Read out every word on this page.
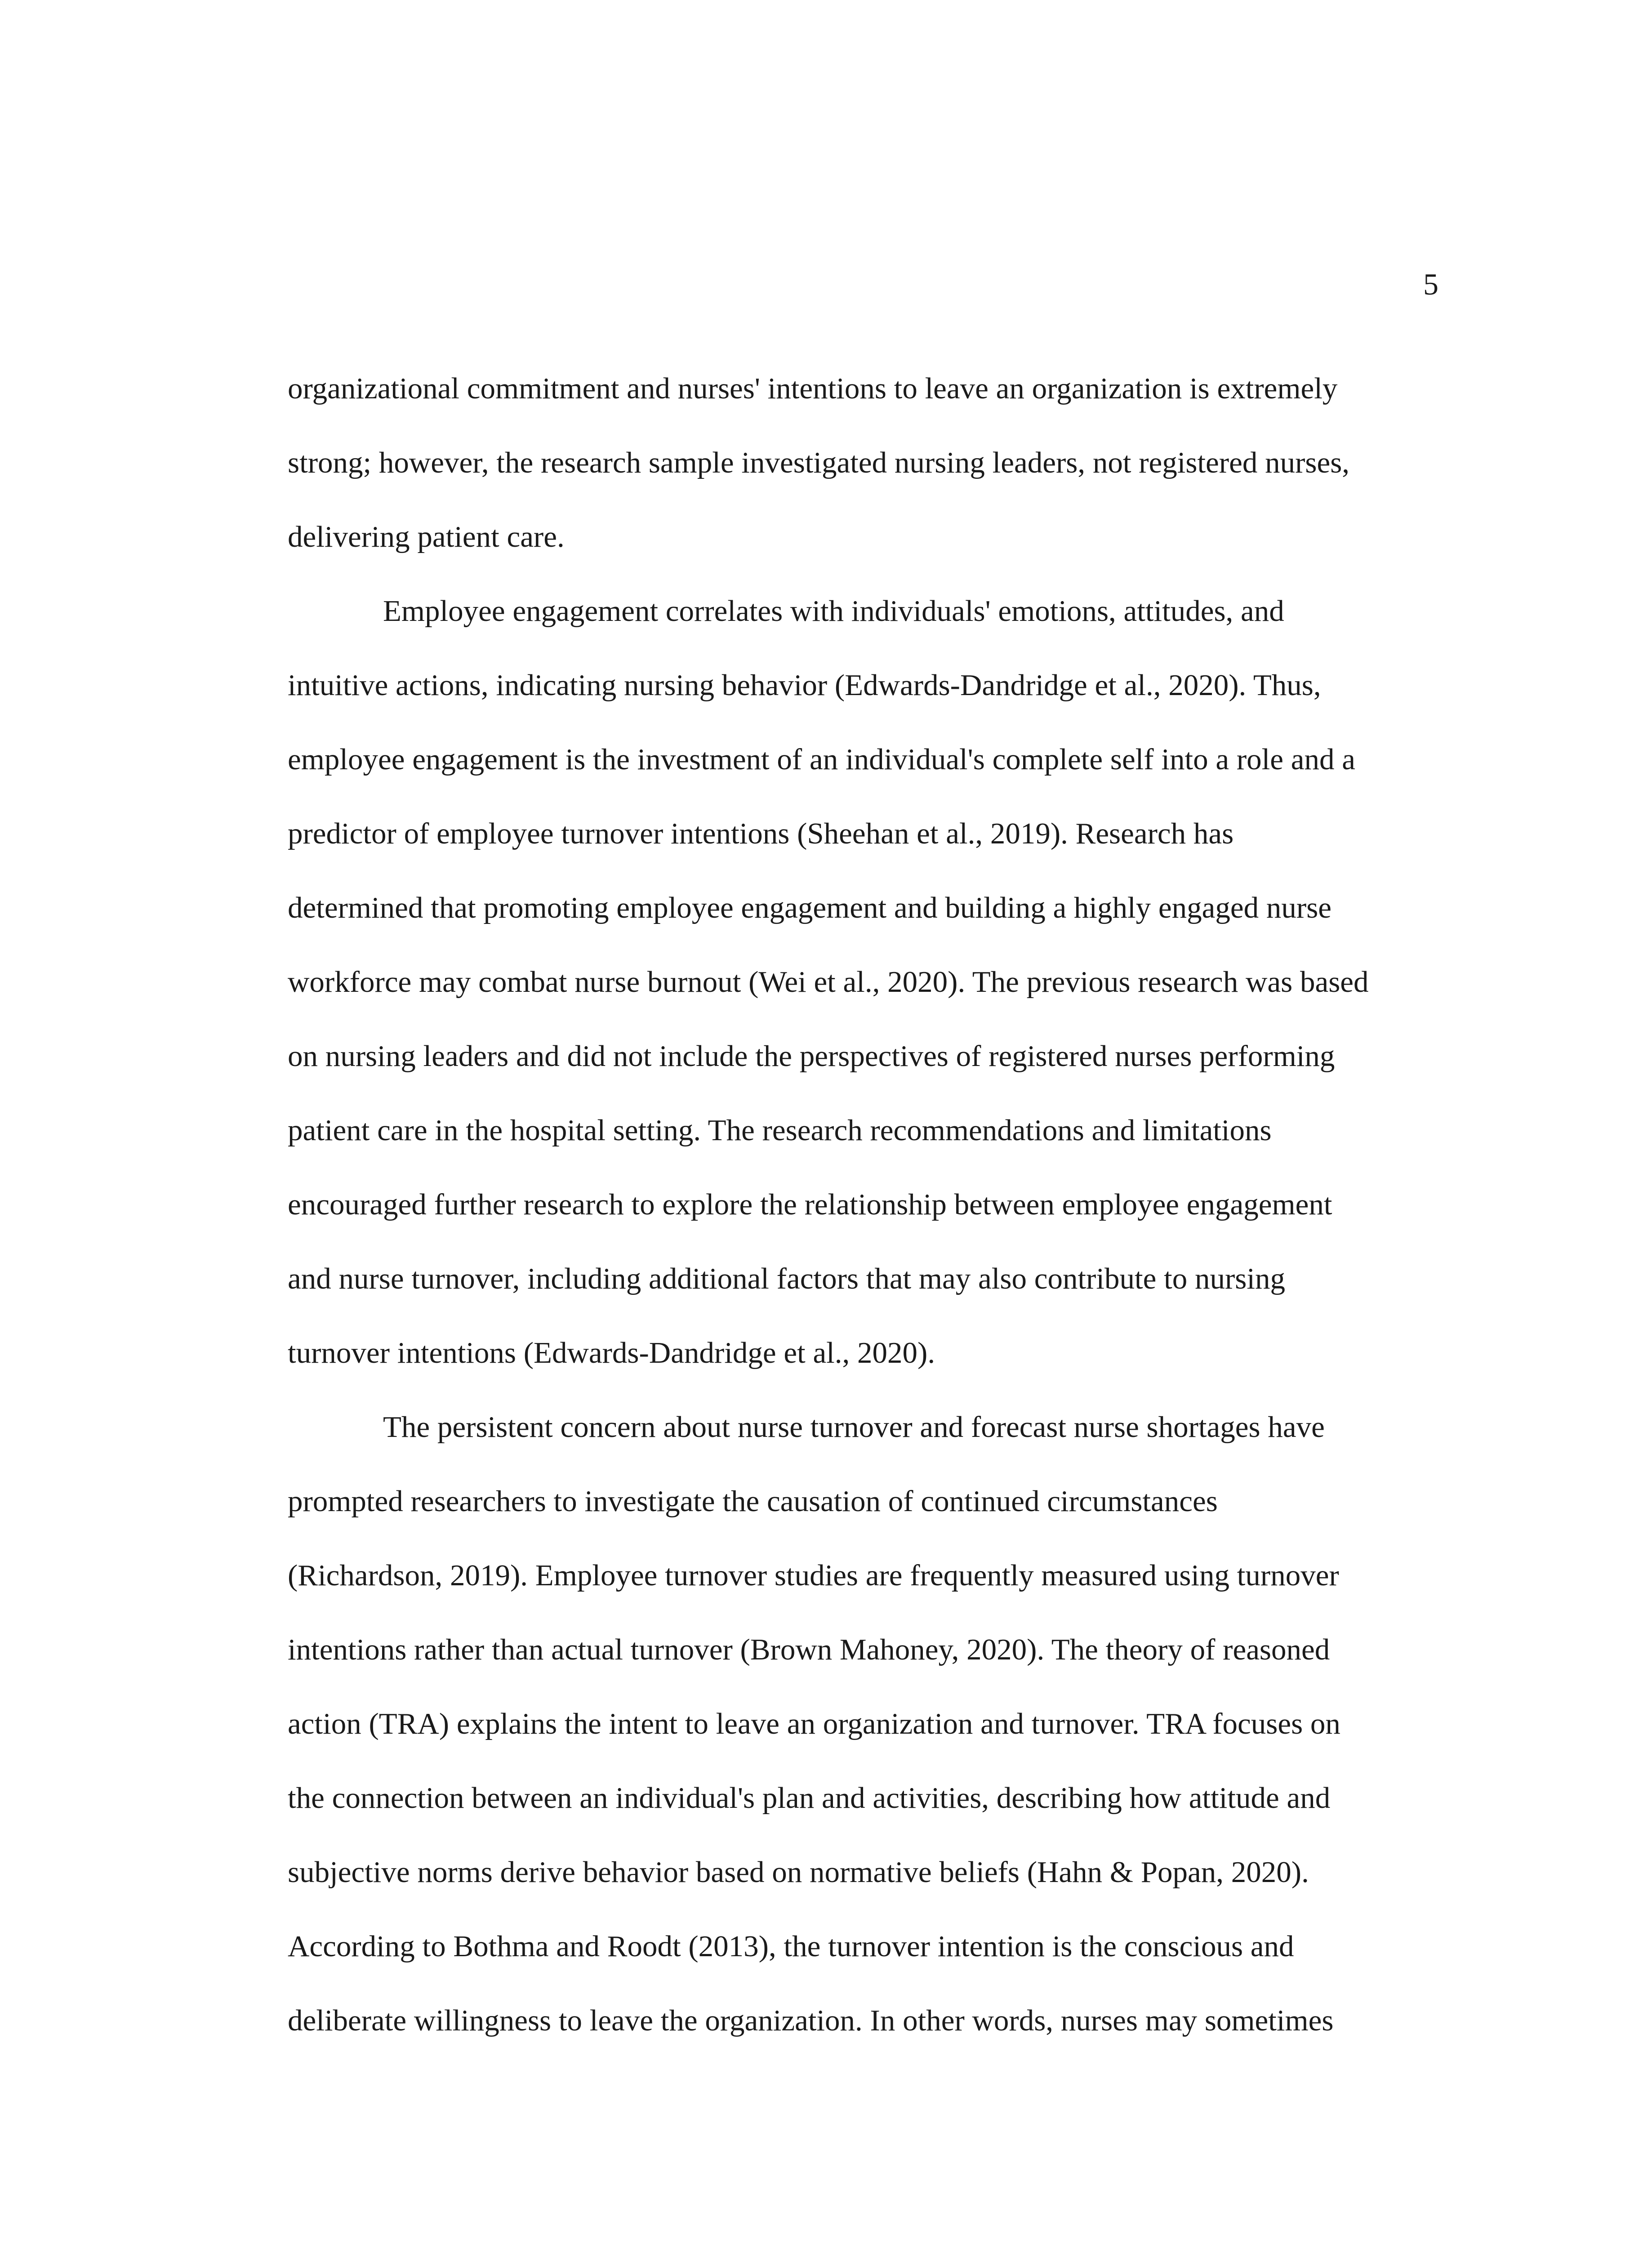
5
organizational commitment and nurses' intentions to leave an organization is extremely
strong; however, the research sample investigated nursing leaders, not registered nurses,
delivering patient care.
Employee engagement correlates with individuals' emotions, attitudes, and
intuitive actions, indicating nursing behavior (Edwards-Dandridge et al., 2020). Thus,
employee engagement is the investment of an individual's complete self into a role and a
predictor of employee turnover intentions (Sheehan et al., 2019). Research has
determined that promoting employee engagement and building a highly engaged nurse
workforce may combat nurse burnout (Wei et al., 2020). The previous research was based
on nursing leaders and did not include the perspectives of registered nurses performing
patient care in the hospital setting. The research recommendations and limitations
encouraged further research to explore the relationship between employee engagement
and nurse turnover, including additional factors that may also contribute to nursing
turnover intentions (Edwards-Dandridge et al., 2020).
The persistent concern about nurse turnover and forecast nurse shortages have
prompted researchers to investigate the causation of continued circumstances
(Richardson, 2019). Employee turnover studies are frequently measured using turnover
intentions rather than actual turnover (Brown Mahoney, 2020). The theory of reasoned
action (TRA) explains the intent to leave an organization and turnover. TRA focuses on
the connection between an individual's plan and activities, describing how attitude and
subjective norms derive behavior based on normative beliefs (Hahn & Popan, 2020).
According to Bothma and Roodt (2013), the turnover intention is the conscious and
deliberate willingness to leave the organization. In other words, nurses may sometimes
